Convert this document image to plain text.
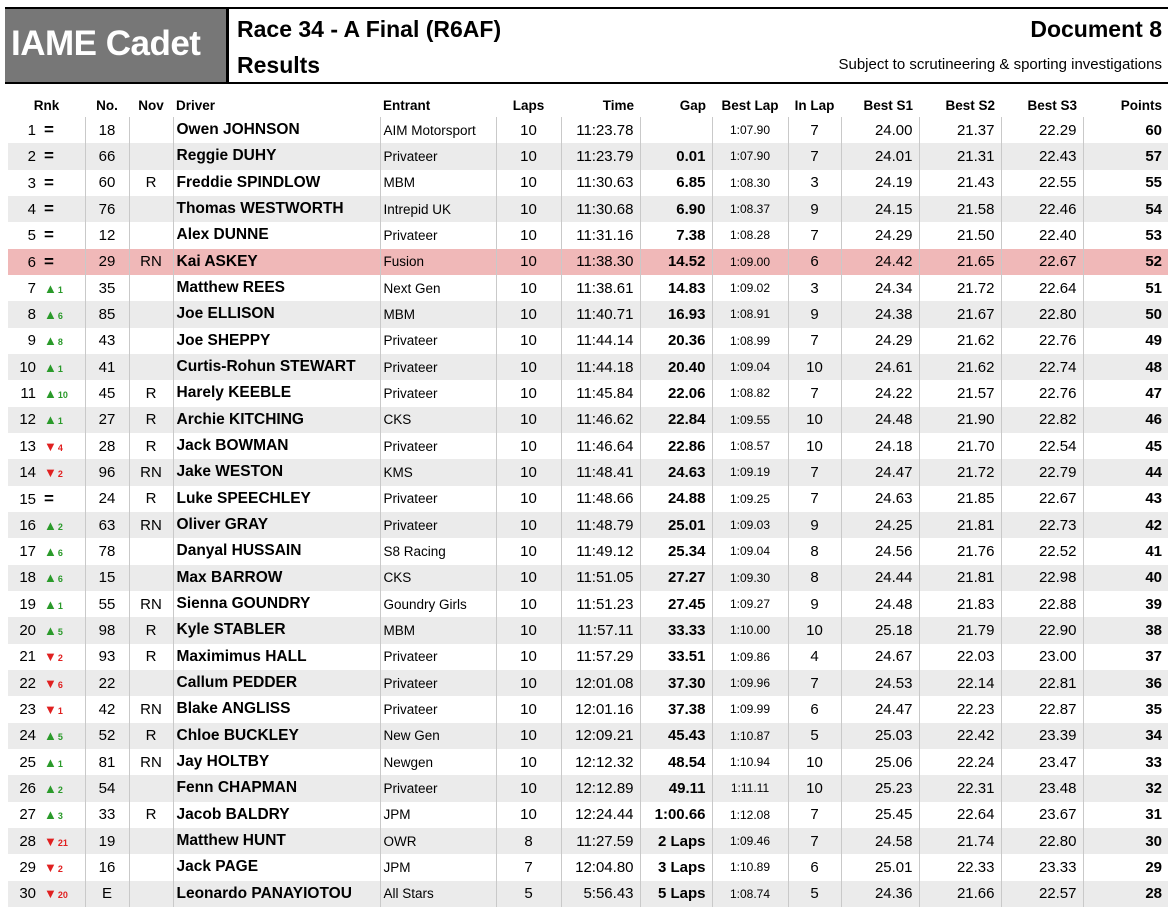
IAME Cadet Race 34 - A Final (R6AF)
Results
Document 8
Subject to scrutineering & sporting investigations
Rnk	No.	Nov	Driver	Entrant	Laps	Time	Gap	Best Lap	In Lap	Best S1	Best S2	Best S3	Points
1 =	18		Owen JOHNSON	AIM Motorsport	10	11:23.78		1:07.90	7	24.00	21.37	22.29	60
2 =	66		Reggie DUHY	Privateer	10	11:23.79	0.01	1:07.90	7	24.01	21.31	22.43	57
3 =	60	R	Freddie SPINDLOW	MBM	10	11:30.63	6.85	1:08.30	3	24.19	21.43	22.55	55
4 =	76		Thomas WESTWORTH	Intrepid UK	10	11:30.68	6.90	1:08.37	9	24.15	21.58	22.46	54
5 =	12		Alex DUNNE	Privateer	10	11:31.16	7.38	1:08.28	7	24.29	21.50	22.40	53
6 =	29	RN	Kai ASKEY	Fusion	10	11:38.30	14.52	1:09.00	6	24.42	21.65	22.67	52
7 ▲1	35		Matthew REES	Next Gen	10	11:38.61	14.83	1:09.02	3	24.34	21.72	22.64	51
8 ▲6	85		Joe ELLISON	MBM	10	11:40.71	16.93	1:08.91	9	24.38	21.67	22.80	50
9 ▲8	43		Joe SHEPPY	Privateer	10	11:44.14	20.36	1:08.99	7	24.29	21.62	22.76	49
10 ▲1	41		Curtis-Rohun STEWART	Privateer	10	11:44.18	20.40	1:09.04	10	24.61	21.62	22.74	48
11 ▲10	45	R	Harely KEEBLE	Privateer	10	11:45.84	22.06	1:08.82	7	24.22	21.57	22.76	47
12 ▲1	27	R	Archie KITCHING	CKS	10	11:46.62	22.84	1:09.55	10	24.48	21.90	22.82	46
13 ▼4	28	R	Jack BOWMAN	Privateer	10	11:46.64	22.86	1:08.57	10	24.18	21.70	22.54	45
14 ▼2	96	RN	Jake WESTON	KMS	10	11:48.41	24.63	1:09.19	7	24.47	21.72	22.79	44
15 =	24	R	Luke SPEECHLEY	Privateer	10	11:48.66	24.88	1:09.25	7	24.63	21.85	22.67	43
16 ▲2	63	RN	Oliver GRAY	Privateer	10	11:48.79	25.01	1:09.03	9	24.25	21.81	22.73	42
17 ▲6	78		Danyal HUSSAIN	S8 Racing	10	11:49.12	25.34	1:09.04	8	24.56	21.76	22.52	41
18 ▲6	15		Max BARROW	CKS	10	11:51.05	27.27	1:09.30	8	24.44	21.81	22.98	40
19 ▲1	55	RN	Sienna GOUNDRY	Goundry Girls	10	11:51.23	27.45	1:09.27	9	24.48	21.83	22.88	39
20 ▲5	98	R	Kyle STABLER	MBM	10	11:57.11	33.33	1:10.00	10	25.18	21.79	22.90	38
21 ▼2	93	R	Maximimus HALL	Privateer	10	11:57.29	33.51	1:09.86	4	24.67	22.03	23.00	37
22 ▼6	22		Callum PEDDER	Privateer	10	12:01.08	37.30	1:09.96	7	24.53	22.14	22.81	36
23 ▼1	42	RN	Blake ANGLISS	Privateer	10	12:01.16	37.38	1:09.99	6	24.47	22.23	22.87	35
24 ▲5	52	R	Chloe BUCKLEY	New Gen	10	12:09.21	45.43	1:10.87	5	25.03	22.42	23.39	34
25 ▲1	81	RN	Jay HOLTBY	Newgen	10	12:12.32	48.54	1:10.94	10	25.06	22.24	23.47	33
26 ▲2	54		Fenn CHAPMAN	Privateer	10	12:12.89	49.11	1:11.11	10	25.23	22.31	23.48	32
27 ▲3	33	R	Jacob BALDRY	JPM	10	12:24.44	1:00.66	1:12.08	7	25.45	22.64	23.67	31
28 ▼21	19		Matthew HUNT	OWR	8	11:27.59	2 Laps	1:09.46	7	24.58	21.74	22.80	30
29 ▼2	16		Jack PAGE	JPM	7	12:04.80	3 Laps	1:10.89	6	25.01	22.33	23.33	29
30 ▼20	E		Leonardo PANAYIOTOU	All Stars	5	5:56.43	5 Laps	1:08.74	5	24.36	21.66	22.57	28
